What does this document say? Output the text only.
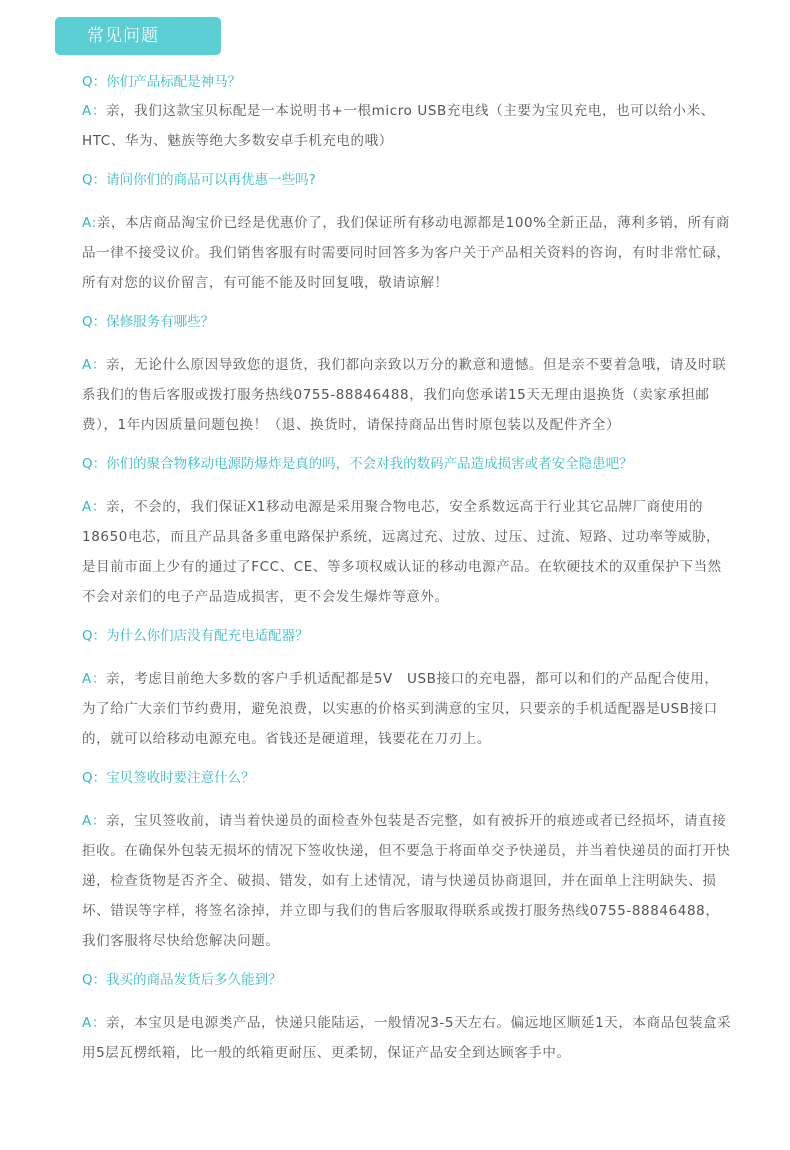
常见问题

Q：你们产品标配是神马？

A：亲，我们这款宝贝标配是一本说明书+一根micro USB充电线（主要为宝贝充电，也可以给小米、HTC、华为、魅族等绝大多数安卓手机充电的哦）

Q：请问你们的商品可以再优惠一些吗?

A:亲，本店商品淘宝价已经是优惠价了，我们保证所有移动电源都是100%全新正品，薄利多销，所有商品一律不接受议价。我们销售客服有时需要同时回答多为客户关于产品相关资料的咨询，有时非常忙碌，所有对您的议价留言，有可能不能及时回复哦，敬请谅解！

Q：保修服务有哪些？

A：亲，无论什么原因导致您的退货，我们都向亲致以万分的歉意和遗憾。但是亲不要着急哦，请及时联系我们的售后客服或拨打服务热线0755-88846488，我们向您承诺15天无理由退换货（卖家承担邮费），1年内因质量问题包换！（退、换货时，请保持商品出售时原包装以及配件齐全）

Q：你们的聚合物移动电源防爆炸是真的吗，不会对我的数码产品造成损害或者安全隐患吧？

A：亲，不会的，我们保证X1移动电源是采用聚合物电芯，安全系数远高于行业其它品牌厂商使用的18650电芯，而且产品具备多重电路保护系统，远离过充、过放、过压、过流、短路、过功率等威胁，是目前市面上少有的通过了FCC、CE、等多项权威认证的移动电源产品。在软硬技术的双重保护下当然不会对亲们的电子产品造成损害，更不会发生爆炸等意外。

Q：为什么你们店没有配充电适配器？

A：亲，考虑目前绝大多数的客户手机适配都是5V　USB接口的充电器，都可以和们的产品配合使用，为了给广大亲们节约费用，避免浪费，以实惠的价格买到满意的宝贝，只要亲的手机适配器是USB接口的，就可以给移动电源充电。省钱还是硬道理，钱要花在刀刃上。

Q：宝贝签收时要注意什么？

A：亲，宝贝签收前，请当着快递员的面检查外包装是否完整，如有被拆开的痕迹或者已经损坏，请直接拒收。在确保外包装无损坏的情况下签收快递，但不要急于将面单交予快递员，并当着快递员的面打开快递，检查货物是否齐全、破损、错发，如有上述情况，请与快递员协商退回，并在面单上注明缺失、损坏、错误等字样，将签名涂掉，并立即与我们的售后客服取得联系或拨打服务热线0755-88846488，我们客服将尽快给您解决问题。

Q：我买的商品发货后多久能到？

A：亲，本宝贝是电源类产品，快递只能陆运，一般情况3-5天左右。偏远地区顺延1天，本商品包装盒采用5层瓦楞纸箱，比一般的纸箱更耐压、更柔韧，保证产品安全到达顾客手中。
